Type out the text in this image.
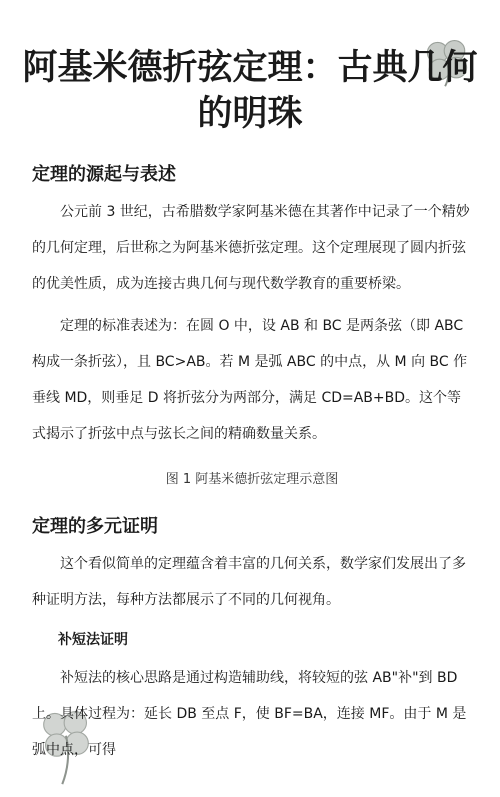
阿基米德折弦定理：古典几何
的明珠
定理的源起与表述

公元前 3 世纪，古希腊数学家阿基米德在其著作中记录了一个精妙的几何定理，后世称之为阿基米德折弦定理。这个定理展现了圆内折弦的优美性质，成为连接古典几何与现代数学教育的重要桥梁。

定理的标准表述为：在圆 O 中，设 AB 和 BC 是两条弦（即 ABC 构成一条折弦），且 BC>AB。若 M 是弧 ABC 的中点，从 M 向 BC 作垂线 MD，则垂足 D 将折弦分为两部分，满足 CD=AB+BD。这个等式揭示了折弦中点与弦长之间的精确数量关系。

图 1 阿基米德折弦定理示意图

定理的多元证明

这个看似简单的定理蕴含着丰富的几何关系，数学家们发展出了多种证明方法，每种方法都展示了不同的几何视角。

补短法证明

补短法的核心思路是通过构造辅助线，将较短的弦 AB"补"到 BD 上。具体过程为：延长 DB 至点 F，使 BF=BA，连接 MF。由于 M 是弧中点，可得
